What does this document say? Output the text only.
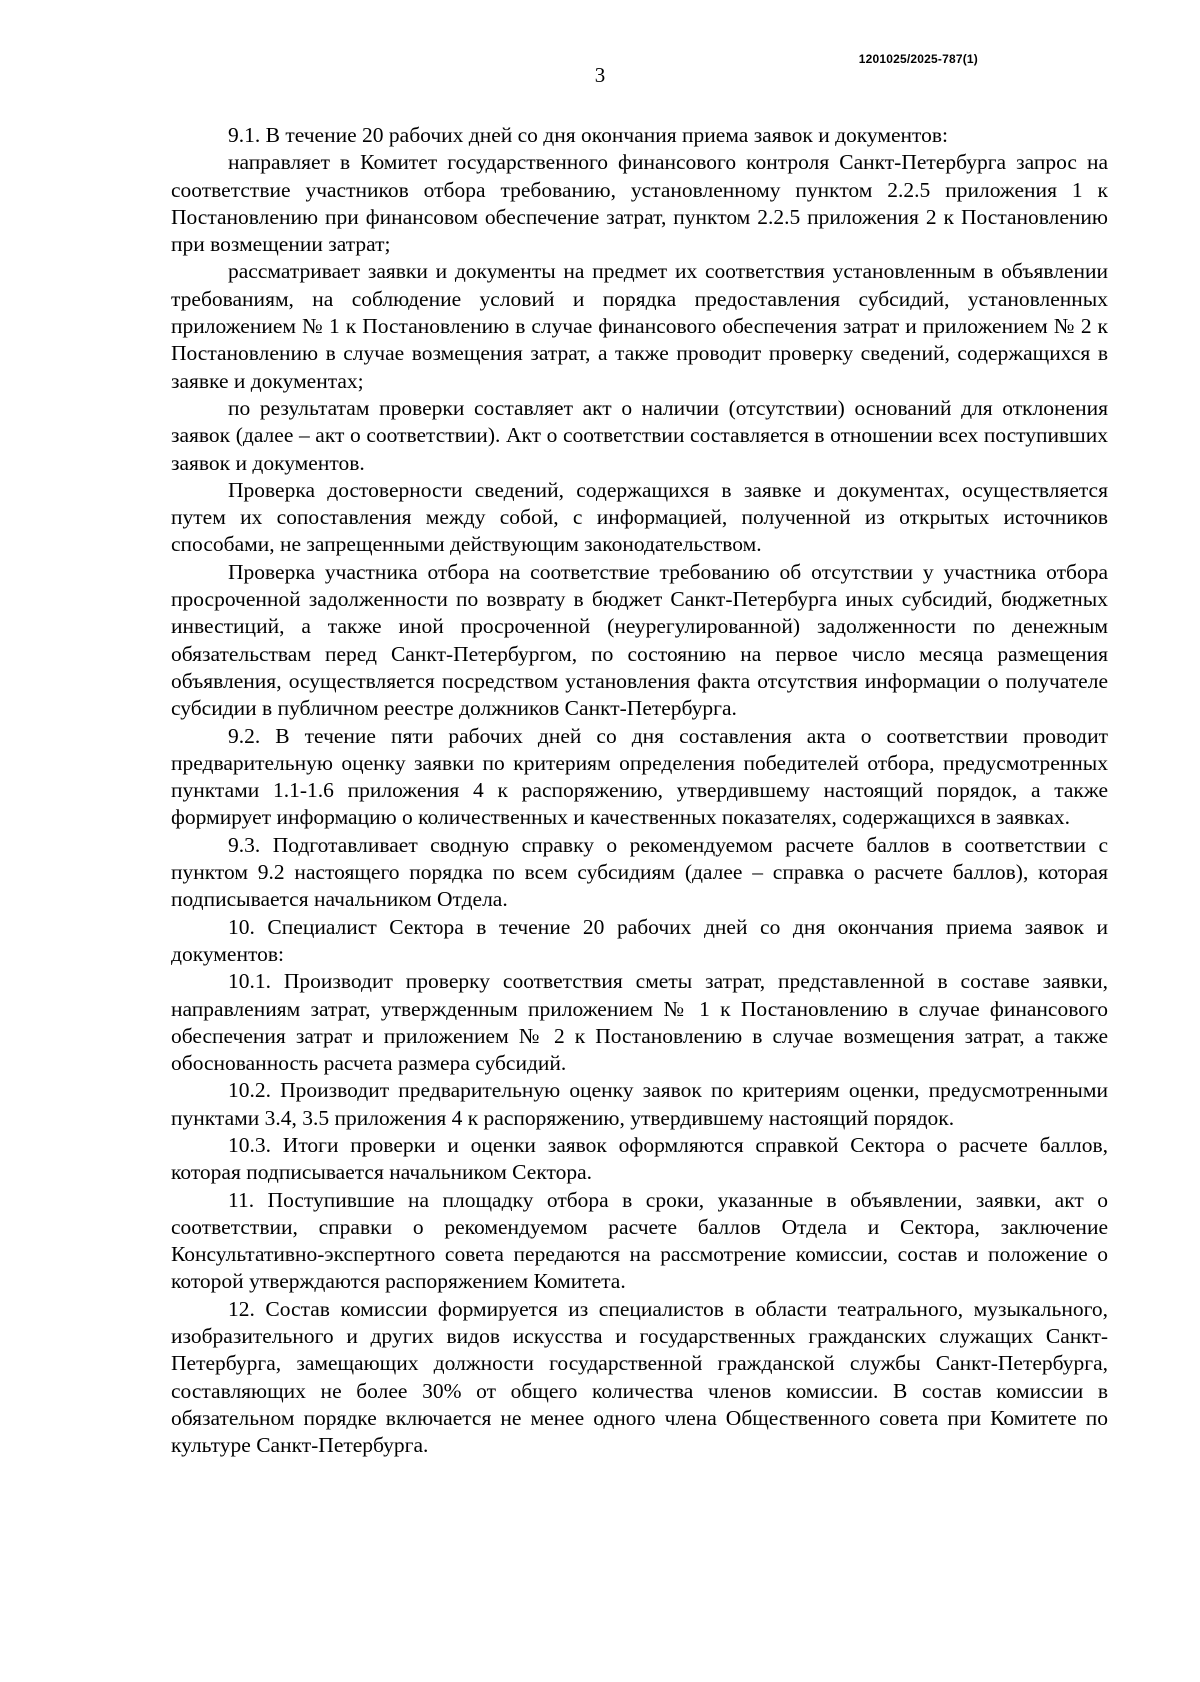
1201025/2025-787(1)
3

9.1. В течение 20 рабочих дней со дня окончания приема заявок и документов:

направляет в Комитет государственного финансового контроля Санкт-Петербурга запрос на соответствие участников отбора требованию, установленному пунктом 2.2.5 приложения 1 к Постановлению при финансовом обеспечение затрат, пунктом 2.2.5 приложения 2 к Постановлению при возмещении затрат;

рассматривает заявки и документы на предмет их соответствия установленным в объявлении требованиям, на соблюдение условий и порядка предоставления субсидий, установленных приложением № 1 к Постановлению в случае финансового обеспечения затрат и приложением № 2 к Постановлению в случае возмещения затрат, а также проводит проверку сведений, содержащихся в заявке и документах;

по результатам проверки составляет акт о наличии (отсутствии) оснований для отклонения заявок (далее – акт о соответствии). Акт о соответствии составляется в отношении всех поступивших заявок и документов.

Проверка достоверности сведений, содержащихся в заявке и документах, осуществляется путем их сопоставления между собой, с информацией, полученной из открытых источников способами, не запрещенными действующим законодательством.

Проверка участника отбора на соответствие требованию об отсутствии у участника отбора просроченной задолженности по возврату в бюджет Санкт-Петербурга иных субсидий, бюджетных инвестиций, а также иной просроченной (неурегулированной) задолженности по денежным обязательствам перед Санкт-Петербургом, по состоянию на первое число месяца размещения объявления, осуществляется посредством установления факта отсутствия информации о получателе субсидии в публичном реестре должников Санкт-Петербурга.

9.2. В течение пяти рабочих дней со дня составления акта о соответствии проводит предварительную оценку заявки по критериям определения победителей отбора, предусмотренных пунктами 1.1-1.6 приложения 4 к распоряжению, утвердившему настоящий порядок, а также формирует информацию о количественных и качественных показателях, содержащихся в заявках.

9.3. Подготавливает сводную справку о рекомендуемом расчете баллов в соответствии с пунктом 9.2 настоящего порядка по всем субсидиям (далее – справка о расчете баллов), которая подписывается начальником Отдела.

10. Специалист Сектора в течение 20 рабочих дней со дня окончания приема заявок и документов:

10.1. Производит проверку соответствия сметы затрат, представленной в составе заявки, направлениям затрат, утвержденным приложением № 1 к Постановлению в случае финансового обеспечения затрат и приложением № 2 к Постановлению в случае возмещения затрат, а также обоснованность расчета размера субсидий.

10.2. Производит предварительную оценку заявок по критериям оценки, предусмотренными пунктами 3.4, 3.5 приложения 4 к распоряжению, утвердившему настоящий порядок.

10.3. Итоги проверки и оценки заявок оформляются справкой Сектора о расчете баллов, которая подписывается начальником Сектора.

11. Поступившие на площадку отбора в сроки, указанные в объявлении, заявки, акт о соответствии, справки о рекомендуемом расчете баллов Отдела и Сектора, заключение Консультативно-экспертного совета передаются на рассмотрение комиссии, состав и положение о которой утверждаются распоряжением Комитета.

12. Состав комиссии формируется из специалистов в области театрального, музыкального, изобразительного и других видов искусства и государственных гражданских служащих Санкт-Петербурга, замещающих должности государственной гражданской службы Санкт-Петербурга, составляющих не более 30% от общего количества членов комиссии. В состав комиссии в обязательном порядке включается не менее одного члена Общественного совета при Комитете по культуре Санкт-Петербурга.
